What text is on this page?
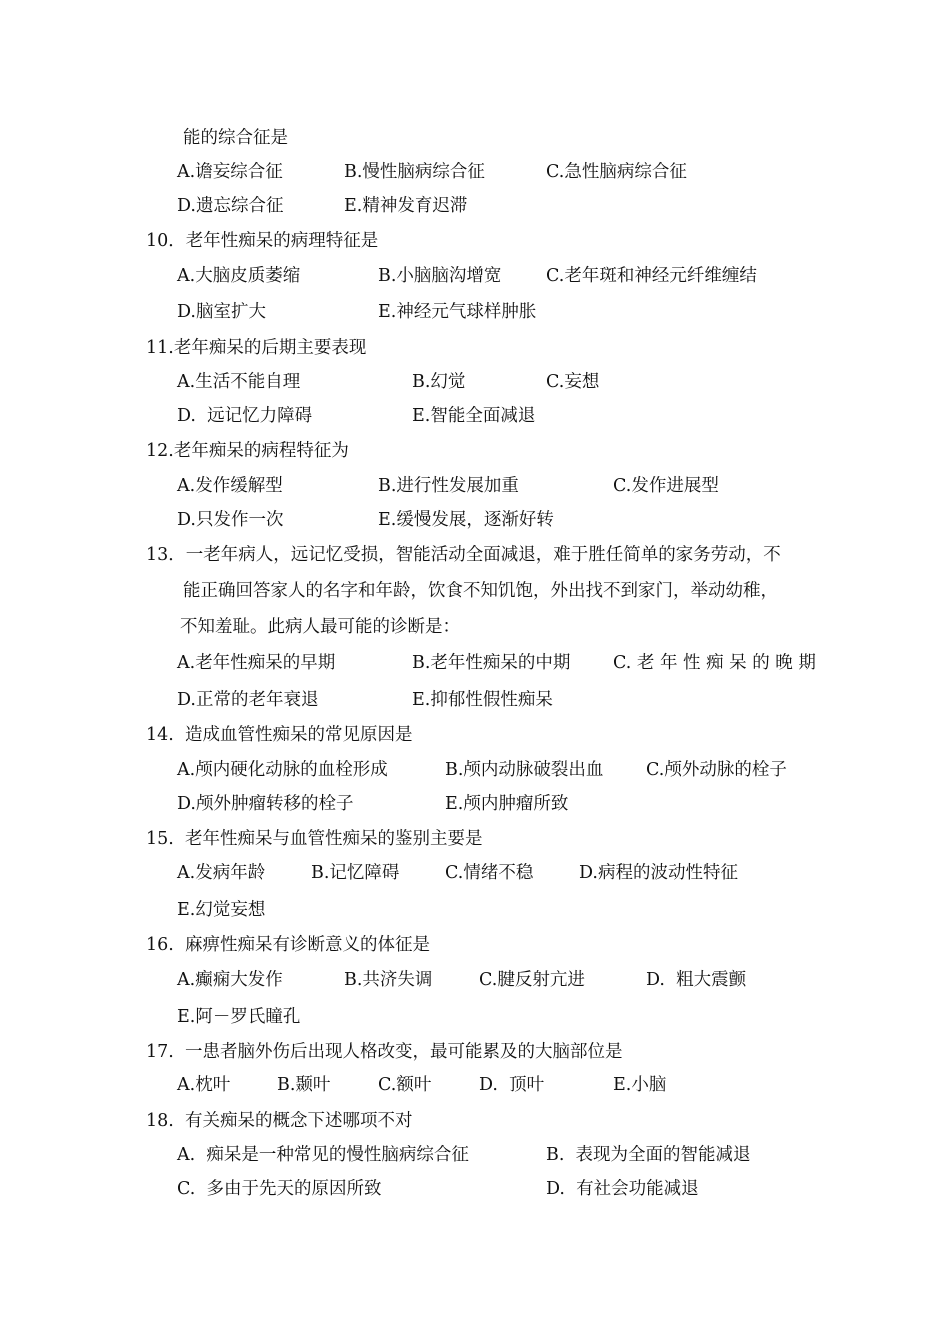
能的综合征是
A.谵妄综合征	B.慢性脑病综合征	C.急性脑病综合征
D.遗忘综合征	E.精神发育迟滞
10．老年性痴呆的病理特征是
A.大脑皮质萎缩	B.小脑脑沟增宽	C.老年斑和神经元纤维缠结
D.脑室扩大	E.神经元气球样肿胀
11.老年痴呆的后期主要表现
A.生活不能自理	B.幻觉	C.妄想
D.  远记忆力障碍	E.智能全面减退
12.老年痴呆的病程特征为
A.发作缓解型	B.进行性发展加重	C.发作进展型
D.只发作一次	E.缓慢发展，逐渐好转
13．一老年病人，远记忆受损，智能活动全面减退，难于胜任简单的家务劳动，不
能正确回答家人的名字和年龄，饮食不知饥饱，外出找不到家门，举动幼稚，
不知羞耻。此病人最可能的诊断是：
A.老年性痴呆的早期	B.老年性痴呆的中期 C. 老 年 性 痴 呆 的 晚 期
D.正常的老年衰退	E.抑郁性假性痴呆
14.  造成血管性痴呆的常见原因是
A.颅内硬化动脉的血栓形成	B.颅内动脉破裂出血 C.颅外动脉的栓子
D.颅外肿瘤转移的栓子	E.颅内肿瘤所致
15.  老年性痴呆与血管性痴呆的鉴别主要是
A.发病年龄	B.记忆障碍	C.情绪不稳	D.病程的波动性特征
E.幻觉妄想
16.  麻痹性痴呆有诊断意义的体征是
A.癫痫大发作	B.共济失调	C.腱反射亢进	D.  粗大震颤
E.阿－罗氏瞳孔
17.  一患者脑外伤后出现人格改变，最可能累及的大脑部位是
A.枕叶	B.颞叶	C.额叶	D.  顶叶	E.小脑
18.  有关痴呆的概念下述哪项不对
A.  痴呆是一种常见的慢性脑病综合征	B.  表现为全面的智能减退
C.  多由于先天的原因所致	D.  有社会功能减退
